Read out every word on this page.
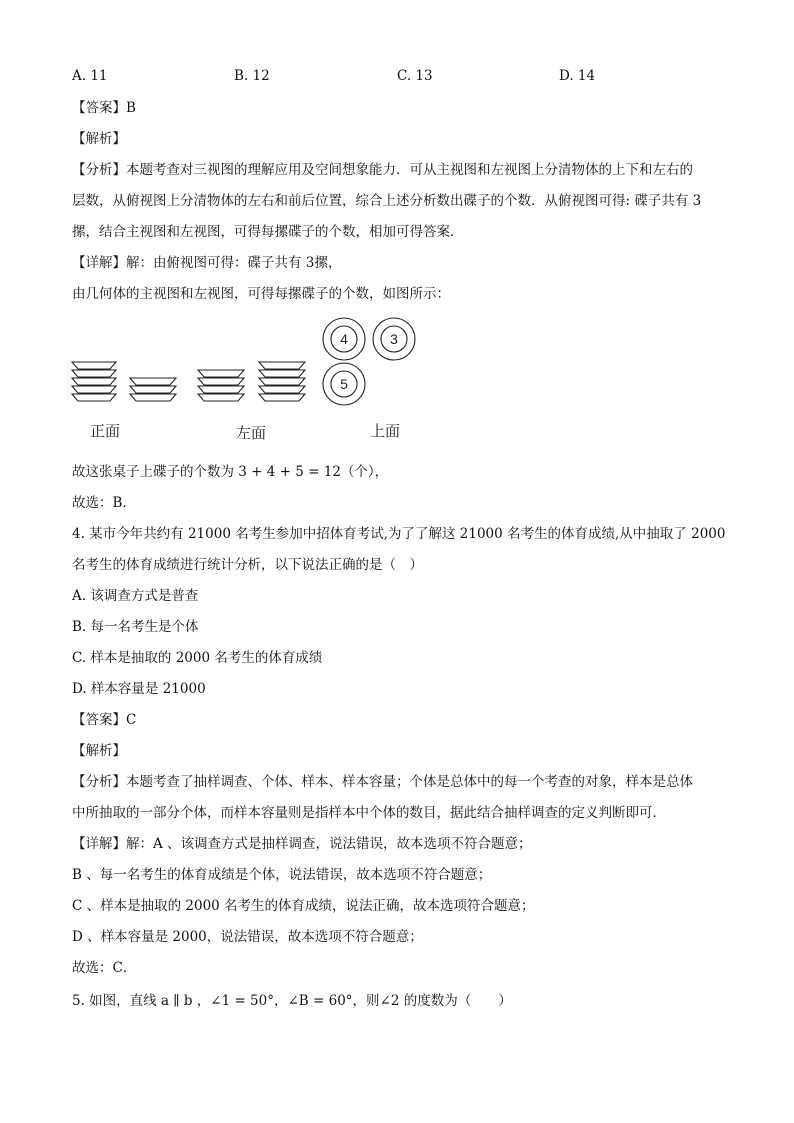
A. 11	B. 12	C. 13	D. 14
【答案】B
【解析】
【分析】本题考查对三视图的理解应用及空间想象能力．可从主视图和左视图上分清物体的上下和左右的
层数，从俯视图上分清物体的左右和前后位置，综合上述分析数出碟子的个数．从俯视图可得: 碟子共有 3
摞，结合主视图和左视图，可得每摞碟子的个数，相加可得答案．
【详解】解：由俯视图可得：碟子共有 3摞，
由几何体的主视图和左视图，可得每摞碟子的个数，如图所示：
4	3
5
正面	左面	上面
故这张桌子上碟子的个数为 3 + 4 + 5 = 12（个），
故选：B．
4. 某市今年共约有 21000 名考生参加中招体育考试,为了了解这 21000 名考生的体育成绩,从中抽取了 2000
名考生的体育成绩进行统计分析，以下说法正确的是（　）
A. 该调查方式是普查
B. 每一名考生是个体
C. 样本是抽取的 2000 名考生的体育成绩
D. 样本容量是 21000
【答案】C
【解析】
【分析】本题考查了抽样调查、个体、样本、样本容量；个体是总体中的每一个考查的对象，样本是总体
中所抽取的一部分个体，而样本容量则是指样本中个体的数目，据此结合抽样调查的定义判断即可．
【详解】解：A 、该调查方式是抽样调查，说法错误，故本选项不符合题意；
B 、每一名考生的体育成绩是个体，说法错误，故本选项不符合题意；
C 、样本是抽取的 2000 名考生的体育成绩，说法正确，故本选项符合题意；
D 、样本容量是 2000，说法错误，故本选项不符合题意；
故选：C．
5. 如图，直线 a ∥ b ，∠1 = 50°，∠B = 60°，则∠2 的度数为（　　）
